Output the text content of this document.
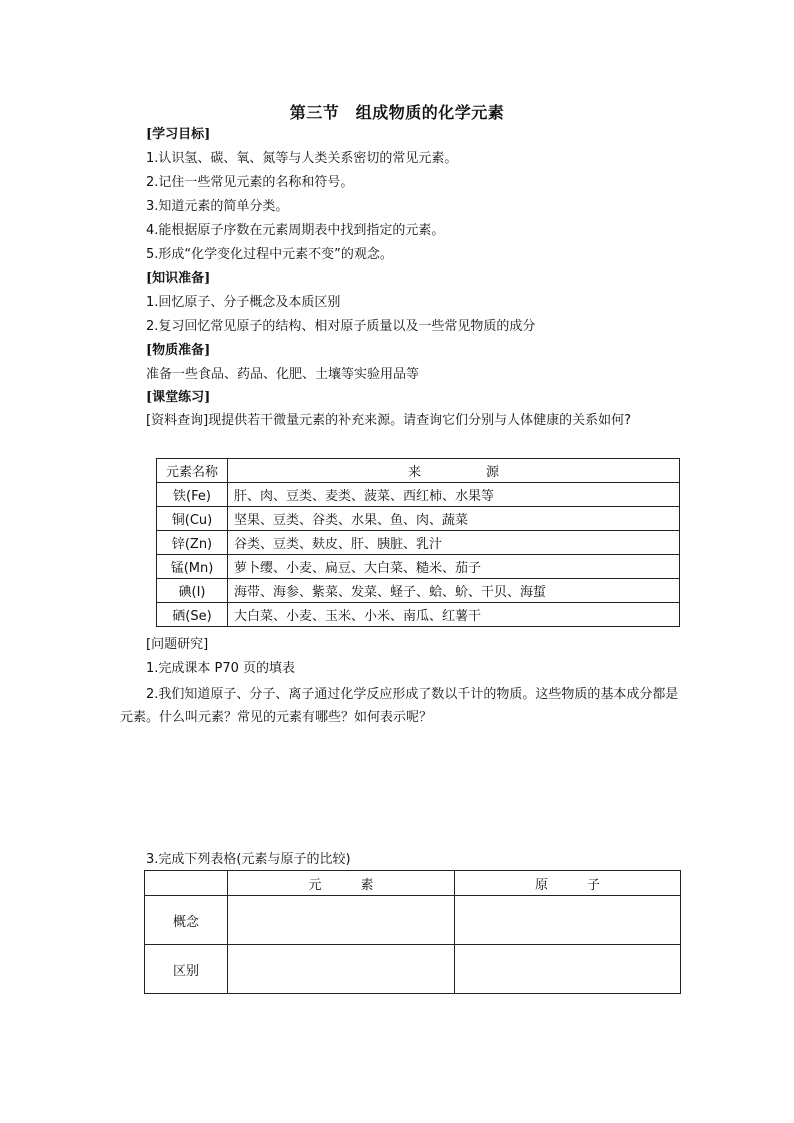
第三节　组成物质的化学元素
[学习目标]
1.认识氢、碳、氧、氮等与人类关系密切的常见元素。
2.记住一些常见元素的名称和符号。
3.知道元素的简单分类。
4.能根据原子序数在元素周期表中找到指定的元素。
5.形成“化学变化过程中元素不变”的观念。
[知识准备]
1.回忆原子、分子概念及本质区别
2.复习回忆常见原子的结构、相对原子质量以及一些常见物质的成分
[物质准备]
准备一些食品、药品、化肥、土壤等实验用品等
[课堂练习]
[资料查询]现提供若干微量元素的补充来源。请查询它们分别与人体健康的关系如何?
元素名称	来　　　　　源
铁(Fe)	肝、肉、豆类、麦类、菠菜、西红柿、水果等
铜(Cu)	坚果、豆类、谷类、水果、鱼、肉、蔬菜
锌(Zn)	谷类、豆类、麸皮、肝、胰脏、乳汁
锰(Mn)	萝卜缨、小麦、扁豆、大白菜、糙米、茄子
碘(I)	海带、海参、紫菜、发菜、蛏子、蛤、蚧、干贝、海蜇
硒(Se)	大白菜、小麦、玉米、小米、南瓜、红薯干
[问题研究]
1.完成课本 P70 页的填表
2.我们知道原子、分子、离子通过化学反应形成了数以千计的物质。这些物质的基本成分都是元素。什么叫元素？常见的元素有哪些？如何表示呢？
3.完成下列表格(元素与原子的比较)
	元　　　素	原　　　子
概念		
区别		
